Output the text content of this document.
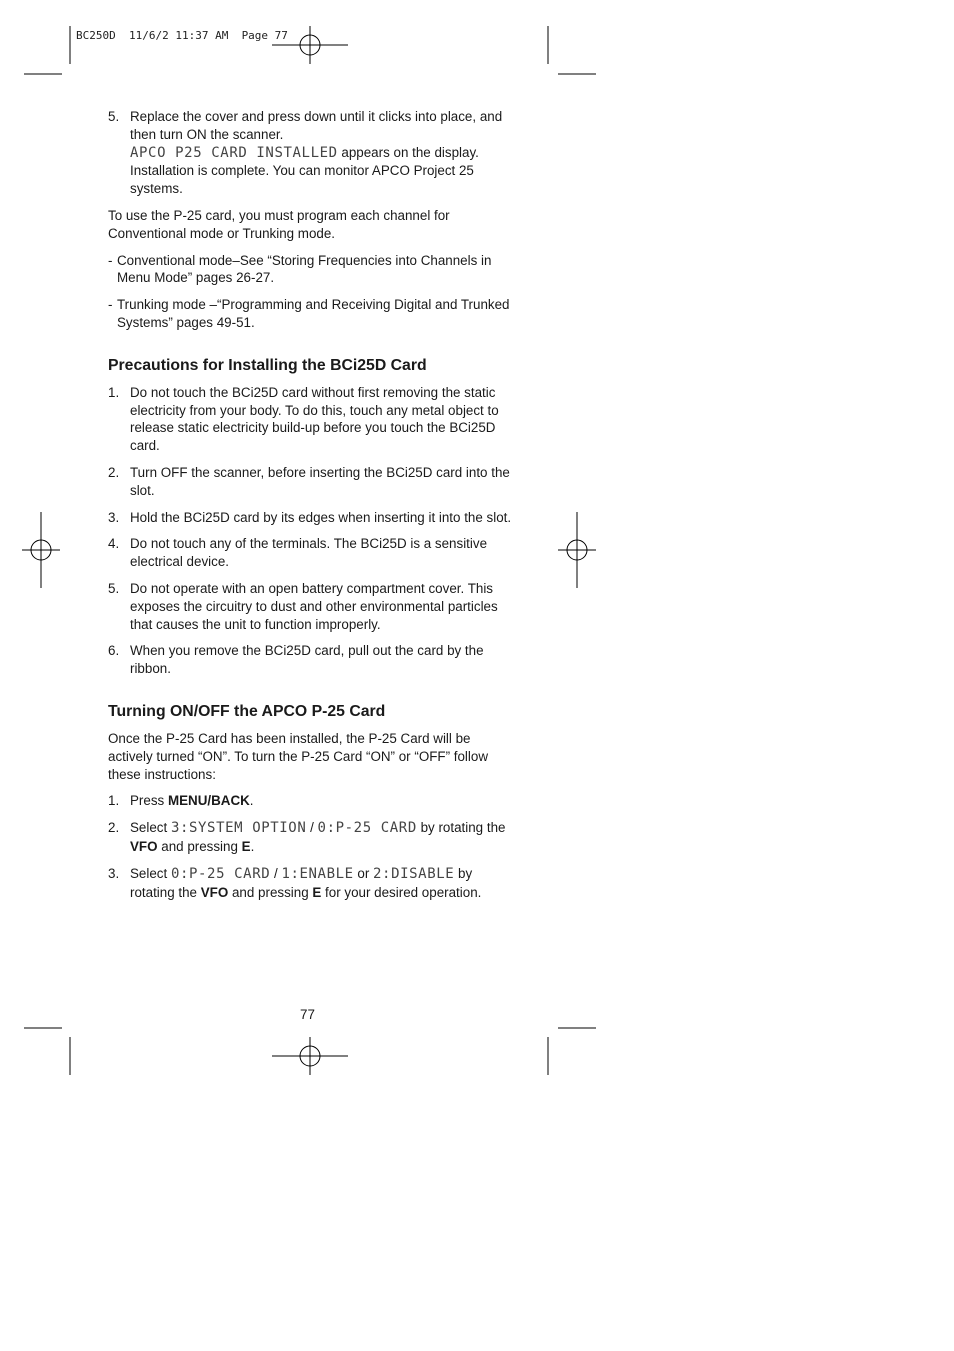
BC250D  11/6/2 11:37 AM  Page 77
5. Replace the cover and press down until it clicks into place, and then turn ON the scanner.
APCO P25 CARD INSTALLED appears on the display.
Installation is complete. You can monitor APCO Project 25 systems.

To use the P-25 card, you must program each channel for Conventional mode or Trunking mode.

- Conventional mode–See “Storing Frequencies into Channels in Menu Mode” pages 26-27.
- Trunking mode –“Programming and Receiving Digital and Trunked Systems” pages 49-51.
Precautions for Installing the BCi25D Card
1. Do not touch the BCi25D card without first removing the static electricity from your body. To do this, touch any metal object to release static electricity build-up before you touch the BCi25D card.
2. Turn OFF the scanner, before inserting the BCi25D card into the slot.
3. Hold the BCi25D card by its edges when inserting it into the slot.
4. Do not touch any of the terminals. The BCi25D is a sensitive electrical device.
5. Do not operate with an open battery compartment cover. This exposes the circuitry to dust and other environmental particles that causes the unit to function improperly.
6. When you remove the BCi25D card, pull out the card by the ribbon.
Turning ON/OFF the APCO P-25 Card

Once the P-25 Card has been installed, the P-25 Card will be actively turned “ON”. To turn the P-25 Card “ON” or “OFF” follow these instructions:

1. Press MENU/BACK.
2. Select 3:SYSTEM OPTION / 0:P-25 CARD by rotating the VFO and pressing E.
3. Select 0:P-25 CARD / 1:ENABLE or 2:DISABLE by rotating the VFO and pressing E for your desired operation.
77
